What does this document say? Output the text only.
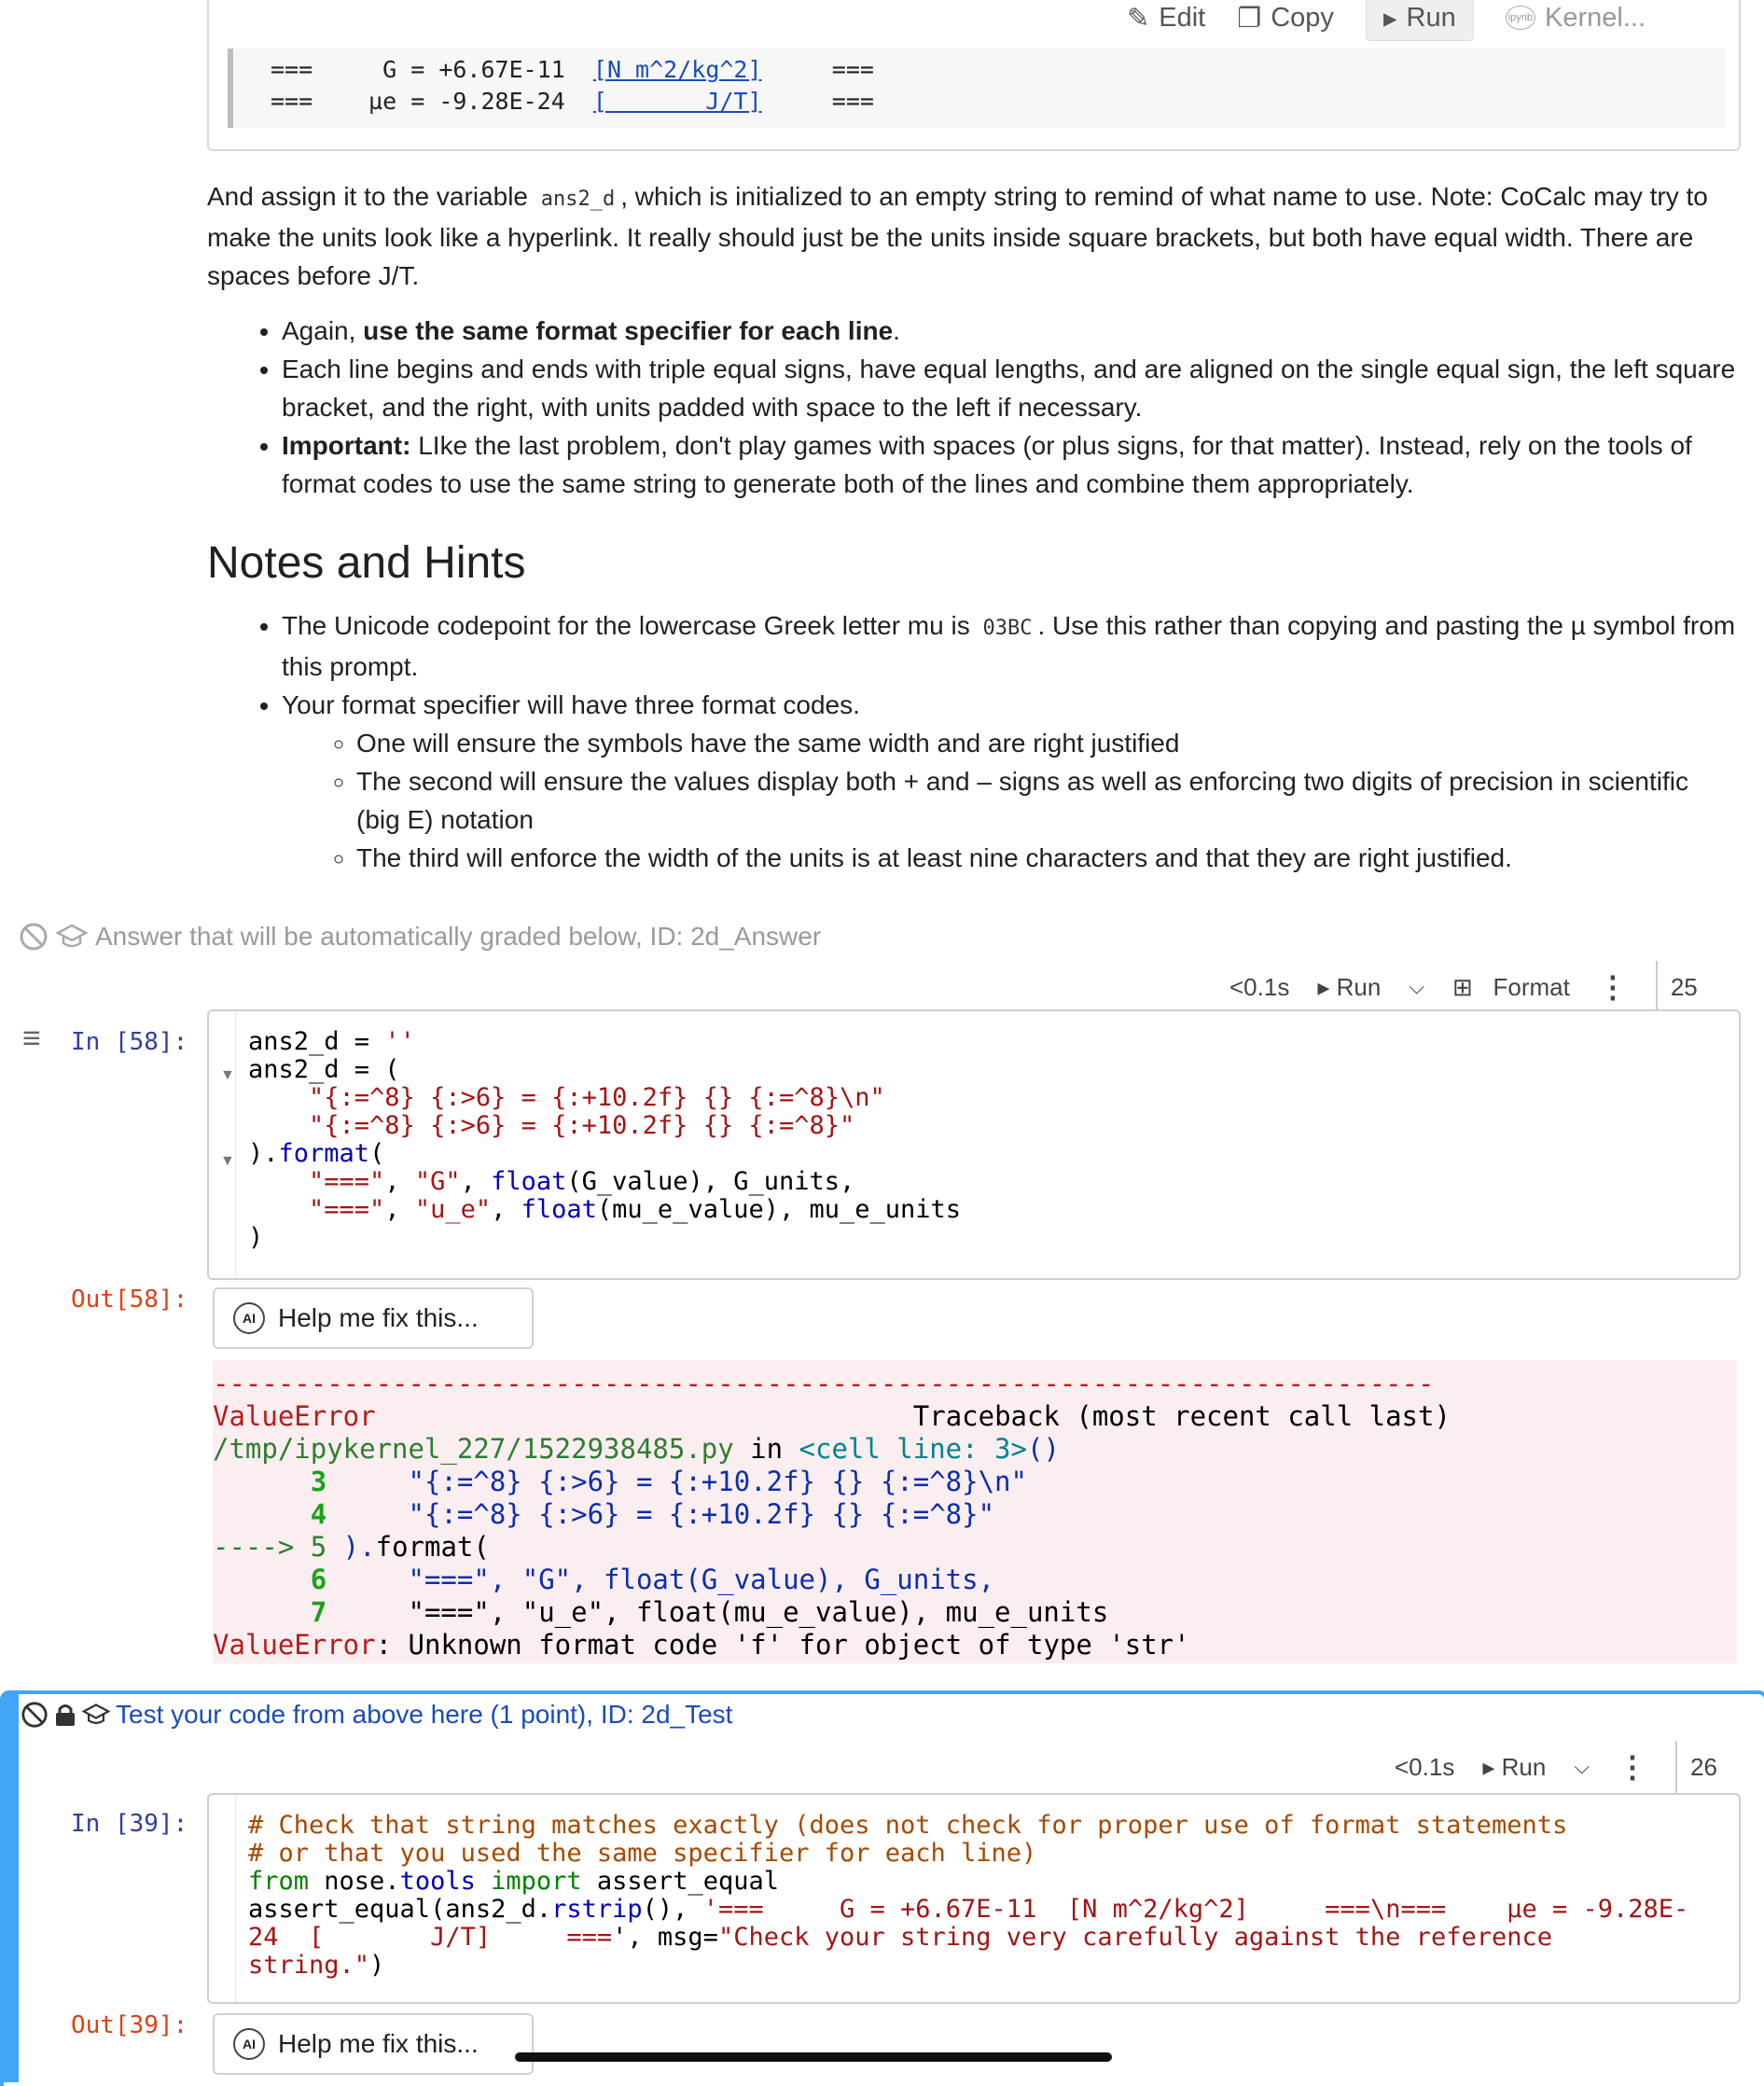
✎ Edit ❐ Copy ▸ Run	ipynb Kernel...
===	G = +6.67E-11 [N m^2/kg^2]	===
=== µe = -9.28E-24 [       J/T]	===

And assign it to the variable ans2_d , which is initialized to an empty string to remind of what name to use. Note: CoCalc may try to make the units look like a hyperlink. It really should just be the units inside square brackets, but both have equal width. There are spaces before J/T.

• Again, use the same format specifier for each line.
• Each line begins and ends with triple equal signs, have equal lengths, and are aligned on the single equal sign, the left square bracket, and the right, with units padded with space to the left if necessary.
• Important: LIke the last problem, don't play games with spaces (or plus signs, for that matter). Instead, rely on the tools of format codes to use the same string to generate both of the lines and combine them appropriately.
Notes and Hints
• The Unicode codepoint for the lowercase Greek letter mu is 03BC . Use this rather than copying and pasting the µ symbol from this prompt.
• Your format specifier will have three format codes.
◦ One will ensure the symbols have the same width and are right justified
◦ The second will ensure the values display both + and – signs as well as enforcing two digits of precision in scientific (big E) notation
◦ The third will enforce the width of the units is at least nine characters and that they are right justified.
Answer that will be automatically graded below, ID: 2d_Answer
<0.1s ▸ Run ⌵ ⊞ Format ⋮	25
≡ In [58]:
▼
▼
ans2_d = ''
ans2_d = (
"{:=^8} {:>6} = {:+10.2f} {} {:=^8}\n"
"{:=^8} {:>6} = {:+10.2f} {} {:=^8}"
).format(
"===", "G", float(G_value), G_units,
"===", "u_e", float(mu_e_value), mu_e_units
)
Out[58]:
AI Help me fix this...
---------------------------------------------------------------------------
ValueError                                 Traceback (most recent call last)
/tmp/ipykernel_227/1522938485.py in <cell line: 3>()
3     "{:=^8} {:>6} = {:+10.2f} {} {:=^8}\n"
4     "{:=^8} {:>6} = {:+10.2f} {} {:=^8}"
----> 5 ).format(
6     "===", "G", float(G_value), G_units,
7     "===", "u_e", float(mu_e_value), mu_e_units
ValueError: Unknown format code 'f' for object of type 'str'
Test your code from above here (1 point), ID: 2d_Test
<0.1s ▸ Run ⌵ ⋮	26
In [39]: # Check that string matches exactly (does not check for proper use of format statements
# or that you used the same specifier for each line)
from nose.tools import assert_equal
assert_equal(ans2_d.rstrip(), '===     G = +6.67E-11  [N m^2/kg^2]     ===\n===    µe = -9.28E-
24  [       J/T]     ===', msg="Check your string very carefully against the reference
string.")
Out[39]:
AI Help me fix this...
